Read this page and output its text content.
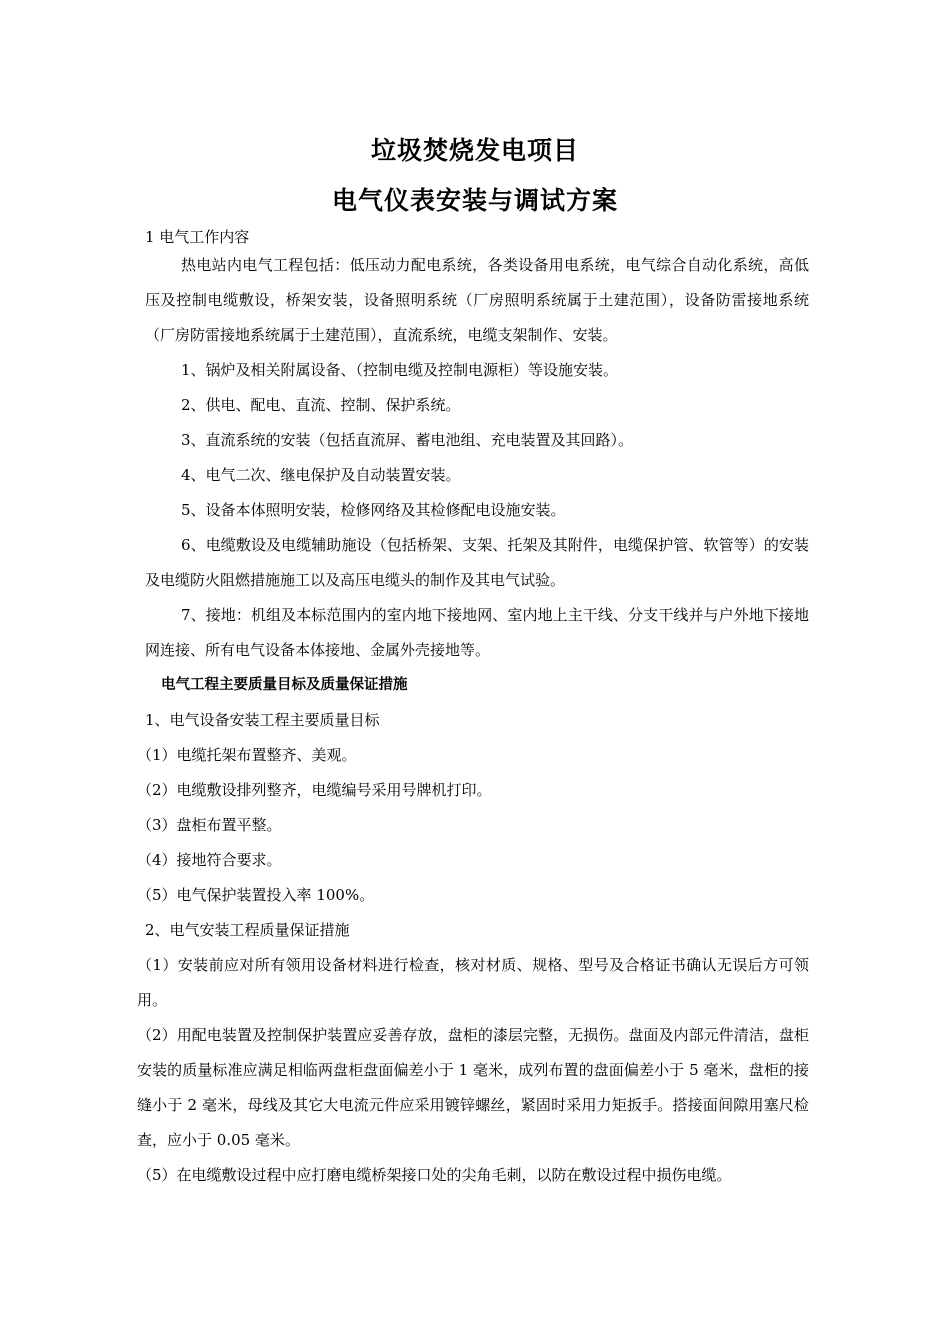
垃圾焚烧发电项目
电气仪表安装与调试方案
1 电气工作内容
热电站内电气工程包括：低压动力配电系统，各类设备用电系统，电气综合自动化系统，高低压及控制电缆敷设，桥架安装，设备照明系统（厂房照明系统属于土建范围），设备防雷接地系统（厂房防雷接地系统属于土建范围），直流系统，电缆支架制作、安装。
1、锅炉及相关附属设备、（控制电缆及控制电源柜）等设施安装。
2、供电、配电、直流、控制、保护系统。
3、直流系统的安装（包括直流屏、蓄电池组、充电装置及其回路）。
4、电气二次、继电保护及自动装置安装。
5、设备本体照明安装，检修网络及其检修配电设施安装。
6、电缆敷设及电缆辅助施设（包括桥架、支架、托架及其附件，电缆保护管、软管等）的安装及电缆防火阻燃措施施工以及高压电缆头的制作及其电气试验。
7、接地：机组及本标范围内的室内地下接地网、室内地上主干线、分支干线并与户外地下接地网连接、所有电气设备本体接地、金属外壳接地等。
电气工程主要质量目标及质量保证措施
1、电气设备安装工程主要质量目标
（1）电缆托架布置整齐、美观。
（2）电缆敷设排列整齐，电缆编号采用号牌机打印。
（3）盘柜布置平整。
（4）接地符合要求。
（5）电气保护装置投入率 100%。
2、电气安装工程质量保证措施
（1）安装前应对所有领用设备材料进行检查，核对材质、规格、型号及合格证书确认无误后方可领用。
（2）用配电装置及控制保护装置应妥善存放，盘柜的漆层完整，无损伤。盘面及内部元件清洁，盘柜安装的质量标准应满足相临两盘柜盘面偏差小于 1 毫米，成列布置的盘面偏差小于 5 毫米，盘柜的接缝小于 2 毫米，母线及其它大电流元件应采用镀锌螺丝，紧固时采用力矩扳手。搭接面间隙用塞尺检查，应小于 0.05 毫米。
（5）在电缆敷设过程中应打磨电缆桥架接口处的尖角毛刺，以防在敷设过程中损伤电缆。
